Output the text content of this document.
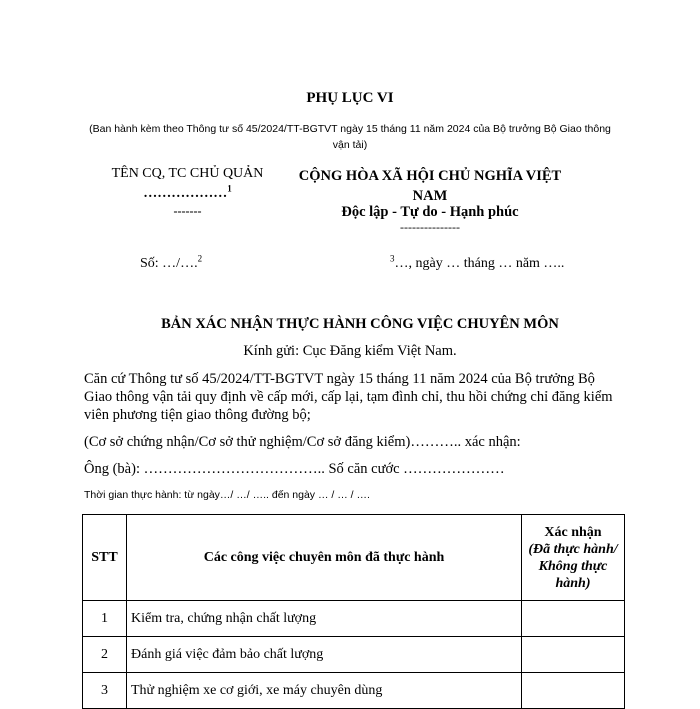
PHỤ LỤC VI
(Ban hành kèm theo Thông tư số 45/2024/TT-BGTVT ngày 15 tháng 11 năm 2024 của Bộ trưởng Bộ Giao thông vận tải)
TÊN CQ, TC CHỦ QUẢN
………………$^1$
-------
CỘNG HÒA XÃ HỘI CHỦ NGHĨA VIỆT NAM
Độc lập - Tự do - Hạnh phúc
---------------
Số: …/….$^2$	$^3$…, ngày … tháng … năm …..
BẢN XÁC NHẬN THỰC HÀNH CÔNG VIỆC CHUYÊN MÔN
Kính gửi: Cục Đăng kiểm Việt Nam.
Căn cứ Thông tư số 45/2024/TT-BGTVT ngày 15 tháng 11 năm 2024 của Bộ trưởng Bộ Giao thông vận tải quy định về cấp mới, cấp lại, tạm đình chỉ, thu hồi chứng chỉ đăng kiểm viên phương tiện giao thông đường bộ;
(Cơ sở chứng nhận/Cơ sở thử nghiệm/Cơ sở đăng kiểm)……….. xác nhận:
Ông (bà): ……………………………….. Số căn cước …………………
Thời gian thực hành: từ ngày…/ …/ ….. đến ngày … / … / ….
STT	Các công việc chuyên môn đã thực hành	Xác nhận
(Đã thực hành/ Không thực hành)

1	Kiểm tra, chứng nhận chất lượng	
2	Đánh giá việc đảm bảo chất lượng	
3	Thử nghiệm xe cơ giới, xe máy chuyên dùng	
